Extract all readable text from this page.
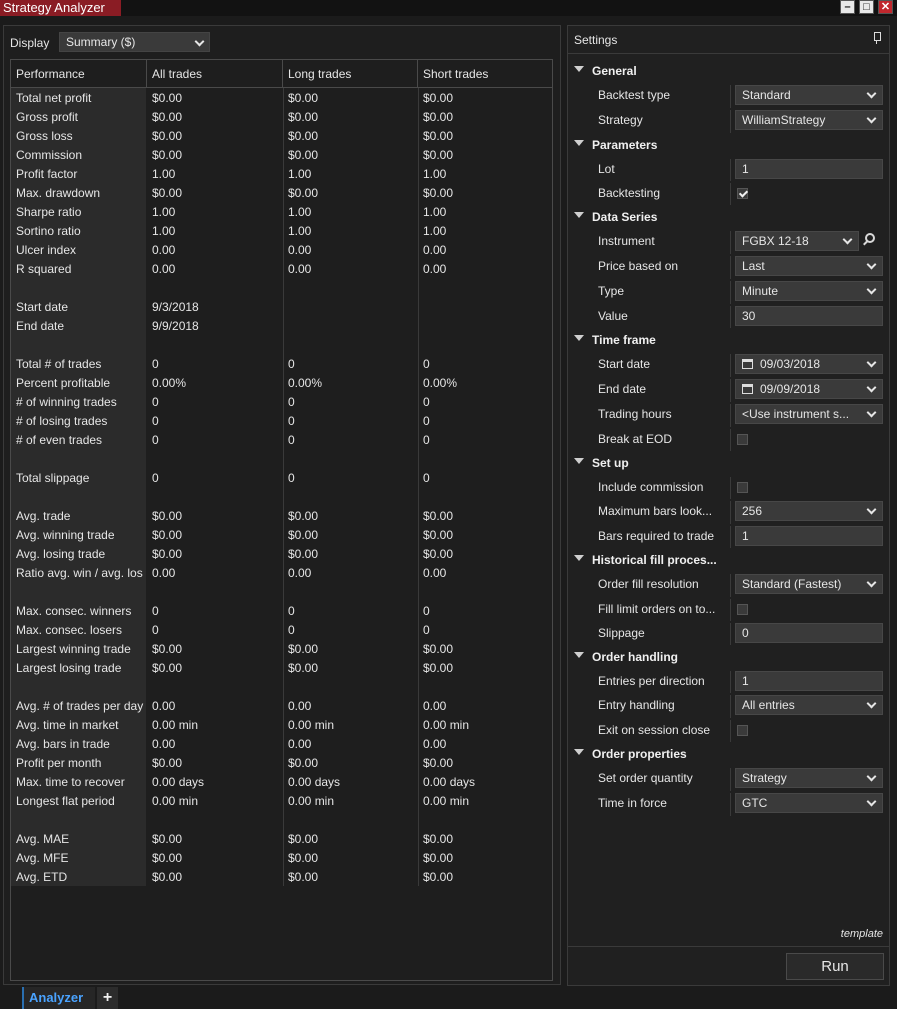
Strategy Analyzer	–	□	✕
Display	Summary ($)
Performance	All trades	Long trades	Short trades
Total net profit	$0.00	$0.00	$0.00
Gross profit	$0.00	$0.00	$0.00
Gross loss	$0.00	$0.00	$0.00
Commission	$0.00	$0.00	$0.00
Profit factor	1.00	1.00	1.00
Max. drawdown	$0.00	$0.00	$0.00
Sharpe ratio	1.00	1.00	1.00
Sortino ratio	1.00	1.00	1.00
Ulcer index	0.00	0.00	0.00
R squared	0.00	0.00	0.00
Start date	9/3/2018
End date	9/9/2018
Total # of trades	0	0	0
Percent profitable	0.00%	0.00%	0.00%
# of winning trades	0	0	0
# of losing trades	0	0	0
# of even trades	0	0	0
Total slippage	0	0	0
Avg. trade	$0.00	$0.00	$0.00
Avg. winning trade	$0.00	$0.00	$0.00
Avg. losing trade	$0.00	$0.00	$0.00
Ratio avg. win / avg. los 0.00	0.00	0.00
Max. consec. winners	0	0	0
Max. consec. losers	0	0	0
Largest winning trade	$0.00	$0.00	$0.00
Largest losing trade	$0.00	$0.00	$0.00
Avg. # of trades per day 0.00	0.00	0.00
Avg. time in market	0.00 min	0.00 min	0.00 min
Avg. bars in trade	0.00	0.00	0.00
Profit per month	$0.00	$0.00	$0.00
Max. time to recover	0.00 days	0.00 days	0.00 days
Longest flat period	0.00 min	0.00 min	0.00 min
Avg. MAE	$0.00	$0.00	$0.00
Avg. MFE	$0.00	$0.00	$0.00
Avg. ETD	$0.00	$0.00	$0.00
Settings
template
Run
General
Backtest type	Standard
Strategy	WilliamStrategy
Parameters
Lot	1
Backtesting
Data Series
Instrument	FGBX 12-18
Price based on	Last
Type	Minute
Value	30
Time frame
Start date	09/03/2018
End date	09/09/2018
Trading hours	<Use instrument s...
Break at EOD
Set up
Include commission
Maximum bars look...	256
Bars required to trade	1
Historical fill proces...
Order fill resolution	Standard (Fastest)
Fill limit orders on to...
Slippage	0
Order handling
Entries per direction	1
Entry handling	All entries
Exit on session close
Order properties
Set order quantity	Strategy
Time in force	GTC
Analyzer	+
